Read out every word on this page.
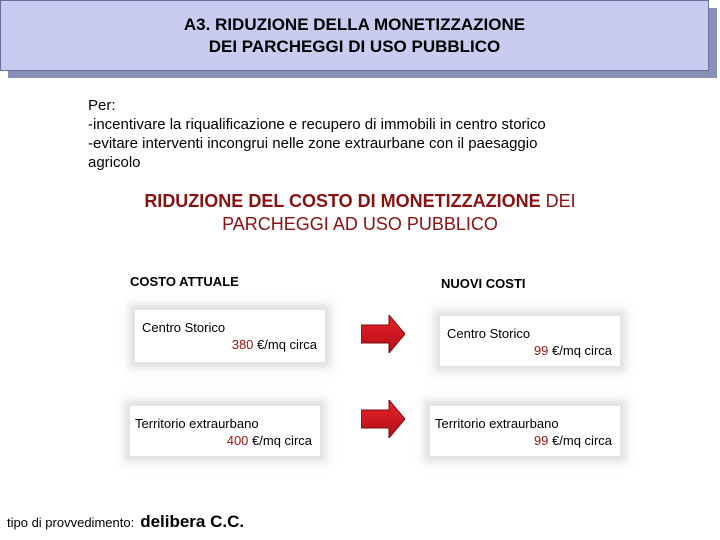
A3. RIDUZIONE DELLA MONETIZZAZIONE
DEI PARCHEGGI DI USO PUBBLICO
Per:
-incentivare la riqualificazione e recupero di immobili in centro storico
-evitare interventi incongrui nelle zone extraurbane con il paesaggio
agricolo
RIDUZIONE DEL COSTO DI MONETIZZAZIONE DEI
PARCHEGGI AD USO PUBBLICO
COSTO ATTUALE	NUOVI COSTI
Centro Storico
380 €/mq circa
Centro Storico
99 €/mq circa
Territorio extraurbano
400 €/mq circa
Territorio extraurbano
99 €/mq circa
tipo di provvedimento: delibera C.C.
